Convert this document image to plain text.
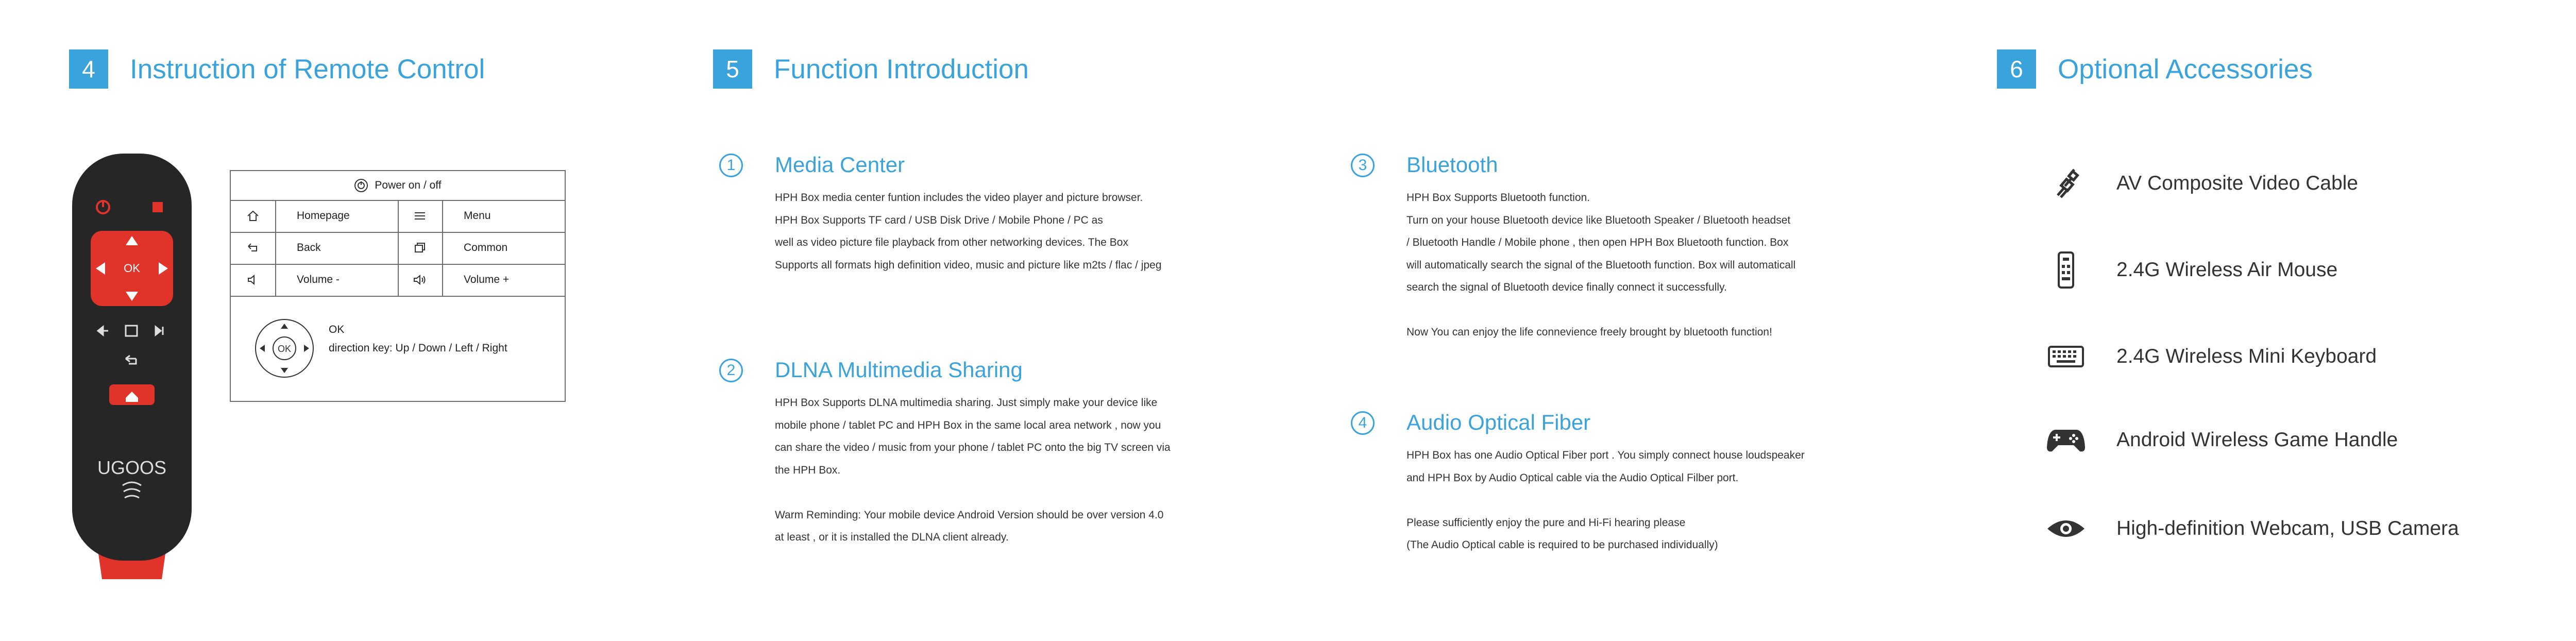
4	Instruction of Remote Control	5	Function Introduction	6	Optional Accessories
OK
UGOOS
Power on / off
Homepage	Menu
Back	Common
Volume -	Volume +
OK
OK
direction key: Up / Down / Left / Right
1	Media Center
HPH Box media center funtion includes the video player and picture browser.
HPH Box Supports TF card / USB Disk Drive / Mobile Phone / PC as
well as video picture file playback from other networking devices. The Box
Supports all formats high definition video, music and picture like m2ts / flac / jpeg
2	DLNA Multimedia Sharing
HPH Box Supports DLNA multimedia sharing. Just simply make your device like
mobile phone / tablet PC and HPH Box in the same local area network , now you
can share the video / music from your phone / tablet PC onto the big TV screen via
the HPH Box.
Warm Reminding: Your mobile device Android Version should be over version 4.0
at least , or it is installed the DLNA client already.
3	Bluetooth
HPH Box Supports Bluetooth function.
Turn on your house Bluetooth device like Bluetooth Speaker / Bluetooth headset
/ Bluetooth Handle / Mobile phone , then open HPH Box Bluetooth function. Box
will automatically search the signal of the Bluetooth function. Box will automaticall
search the signal of Bluetooth device finally connect it successfully.
Now You can enjoy the life connevience freely brought by bluetooth function!
4	Audio Optical Fiber
HPH Box has one Audio Optical Fiber port . You simply connect house loudspeaker
and HPH Box by Audio Optical cable via the Audio Optical Filber port.
Please sufficiently enjoy the pure and Hi-Fi hearing please
(The Audio Optical cable is required to be purchased individually)
AV Composite Video Cable
2.4G Wireless Air Mouse
2.4G Wireless Mini Keyboard
Android Wireless Game Handle
High-definition Webcam, USB Camera
